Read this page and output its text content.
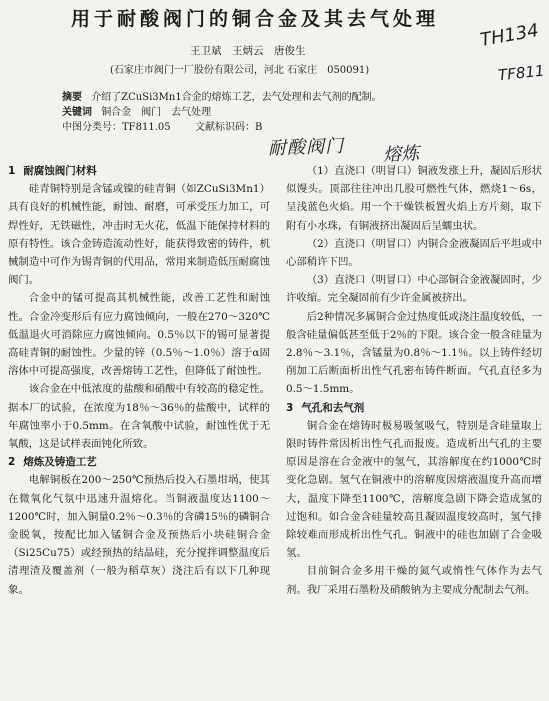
用于耐酸阀门的铜合金及其去气处理
王卫斌　王炳云　唐俊生
(石家庄市阀门一厂股份有限公司，河北 石家庄　050091)
TH134
TF811
耐酸阀门 熔炼
摘要 介绍了ZCuSi3Mn1合金的熔炼工艺，去气处理和去气剂的配制。
关键词 铜合金　阀门　去气处理
中图分类号：TF811.05 文献标识码：B
1 耐腐蚀阀门材料

硅青铜特别是含锰或镍的硅青铜（如ZCuSi3Mn1）具有良好的机械性能，耐蚀、耐磨，可承受压力加工，可焊性好，无铁磁性，冲击时无火花，低温下能保持材料的原有特性。该合金铸造流动性好，能获得致密的铸件，机械制造中可作为锡青铜的代用品，常用来制造低压耐腐蚀阀门。

合金中的锰可提高其机械性能，改善工艺性和耐蚀性。合金冷变形后有应力腐蚀倾向，一般在270～320℃低温退火可消除应力腐蚀倾向。0.5％以下的锡可显著提高硅青铜的耐蚀性。少量的锌（0.5％～1.0％）溶于α固溶体中可提高强度，改善熔铸工艺性，但降低了耐蚀性。

该合金在中低浓度的盐酸和硝酸中有较高的稳定性。据本厂的试验，在浓度为18％～36％的盐酸中，试样的年腐蚀率小于0.5mm。在含氧酸中试验，耐蚀性优于无氧酸，这是试样表面钝化所致。

2 熔炼及铸造工艺

电解铜板在200～250℃预热后投入石墨坩埚，使其在微氧化气氛中迅速升温熔化。当铜液温度达1100～1200℃时，加入铜量0.2％～0.3％的含磷15％的磷铜合金脱氧，按配比加入锰铜合金及预热后小块硅铜合金（Si25Cu75）或经预热的结晶硅，充分搅拌调整温度后清理渣及覆盖剂（一般为稻草灰）浇注后有以下几种现象。

（1）直浇口（明冒口）铜液发涨上升，凝固后形状似馒头。顶部往往冲出几股可燃性气体，燃烧1～6s，呈浅蓝色火焰。用一个干燥铁板置火焰上方片刻，取下附有小水珠，有铜液挤出凝固后呈蠕虫状。

（2）直浇口（明冒口）内铜合金液凝固后平坦或中心部稍许下凹。

（3）直浇口（明冒口）中心部铜合金液凝固时，少许收缩。完全凝固前有少许金属被挤出。

后2种情况多属铜合金过热度低或浇注温度较低，一般含硅量偏低甚至低于2％的下限。该合金一般含硅量为2.8％～3.1％，含锰量为0.8％～1.1％。以上铸件经切削加工后断面析出性气孔密布铸件断面。气孔直径多为0.5～1.5mm。

3 气孔和去气剂

铜合金在熔铸时极易吸氢吸气，特别是含硅量取上限时铸件常因析出性气孔而报废。造成析出气孔的主要原因是溶在合金液中的氢气，其溶解度在约1000℃时变化急剧。氢气在铜液中的溶解度因熔液温度升高而增大，温度下降至1100℃，溶解度急剧下降会造成氢的过饱和。如合金含硅量较高且凝固温度较高时，氢气排除较难而形成析出性气孔。铜液中的硅也加剧了合金吸氢。

目前铜合金多用干燥的氮气或惰性气体作为去气剂。我厂采用石墨粉及硝酸钠为主要成分配制去气剂。
